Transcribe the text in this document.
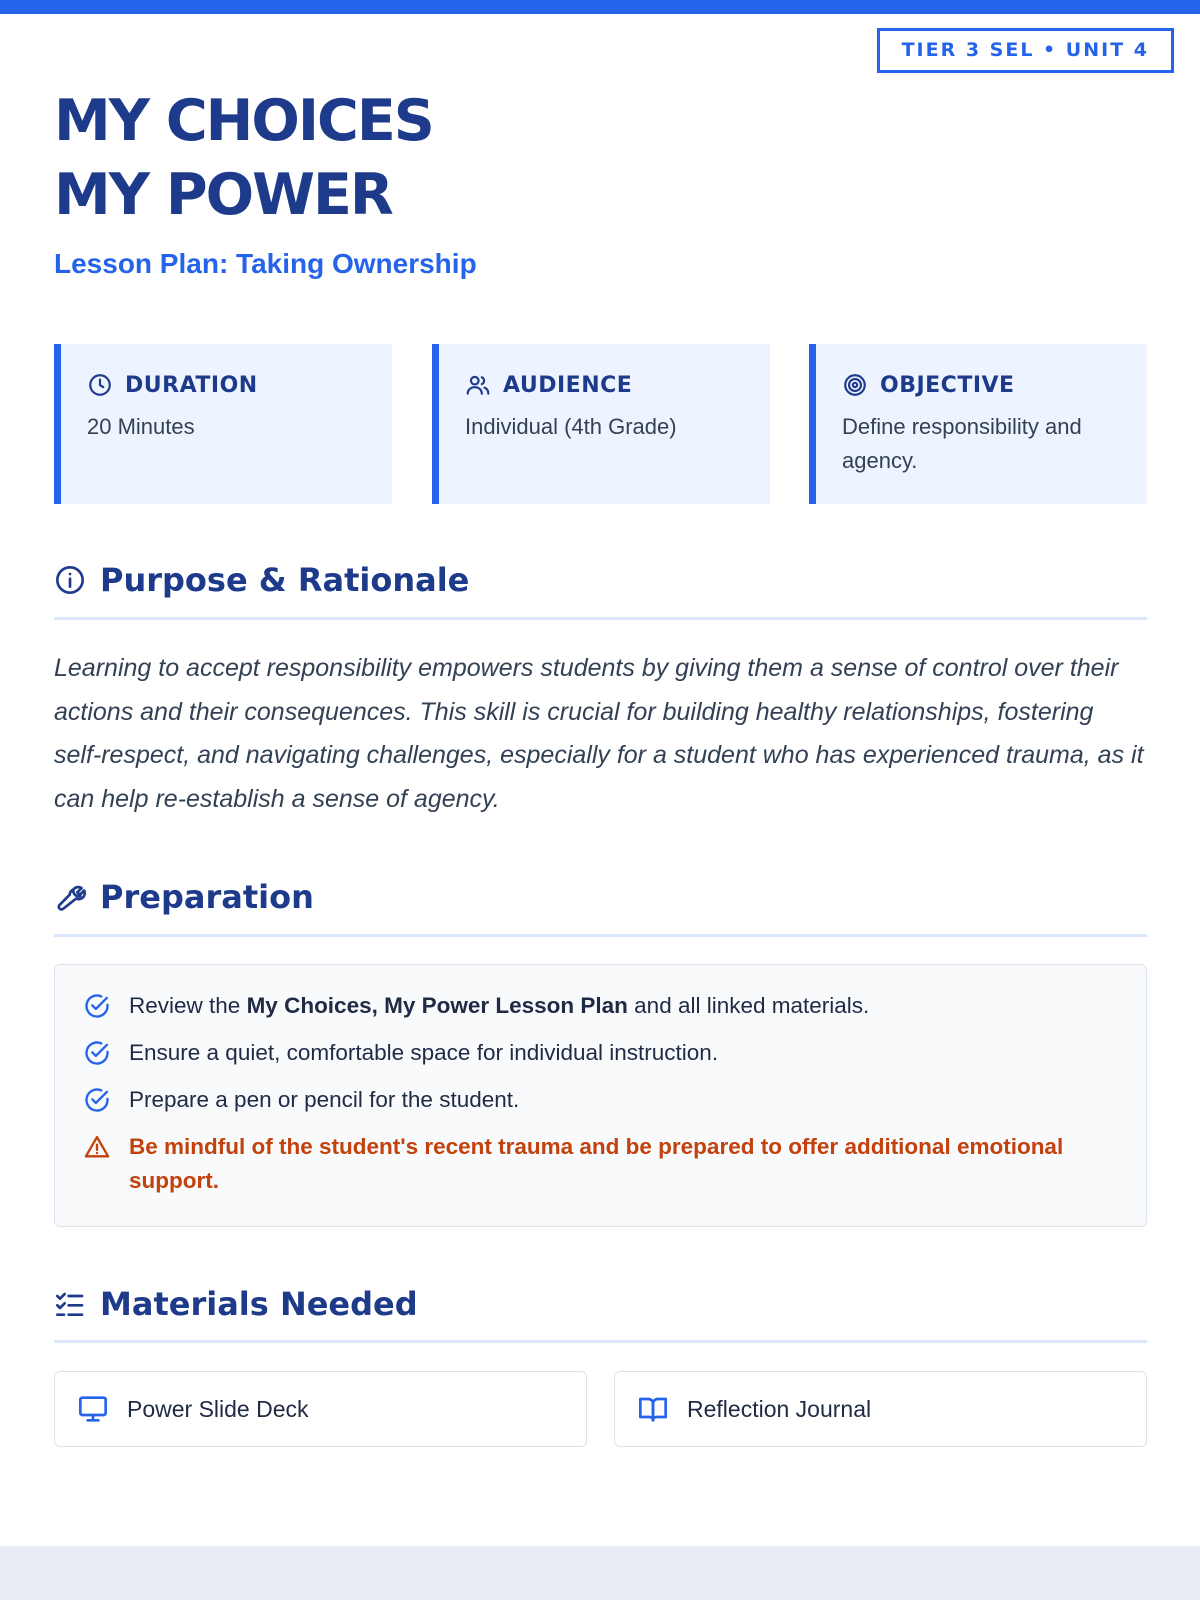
TIER 3 SEL • UNIT 4
MY CHOICES
MY POWER
Lesson Plan: Taking Ownership
DURATION
20 Minutes
AUDIENCE
Individual (4th Grade)
OBJECTIVE
Define responsibility and agency.
Purpose & Rationale
Learning to accept responsibility empowers students by giving them a sense of control over their actions and their consequences. This skill is crucial for building healthy relationships, fostering self-respect, and navigating challenges, especially for a student who has experienced trauma, as it can help re-establish a sense of agency.
Preparation
Review the My Choices, My Power Lesson Plan and all linked materials.
Ensure a quiet, comfortable space for individual instruction.
Prepare a pen or pencil for the student.
Be mindful of the student's recent trauma and be prepared to offer additional emotional support.
Materials Needed
Power Slide Deck	Reflection Journal
